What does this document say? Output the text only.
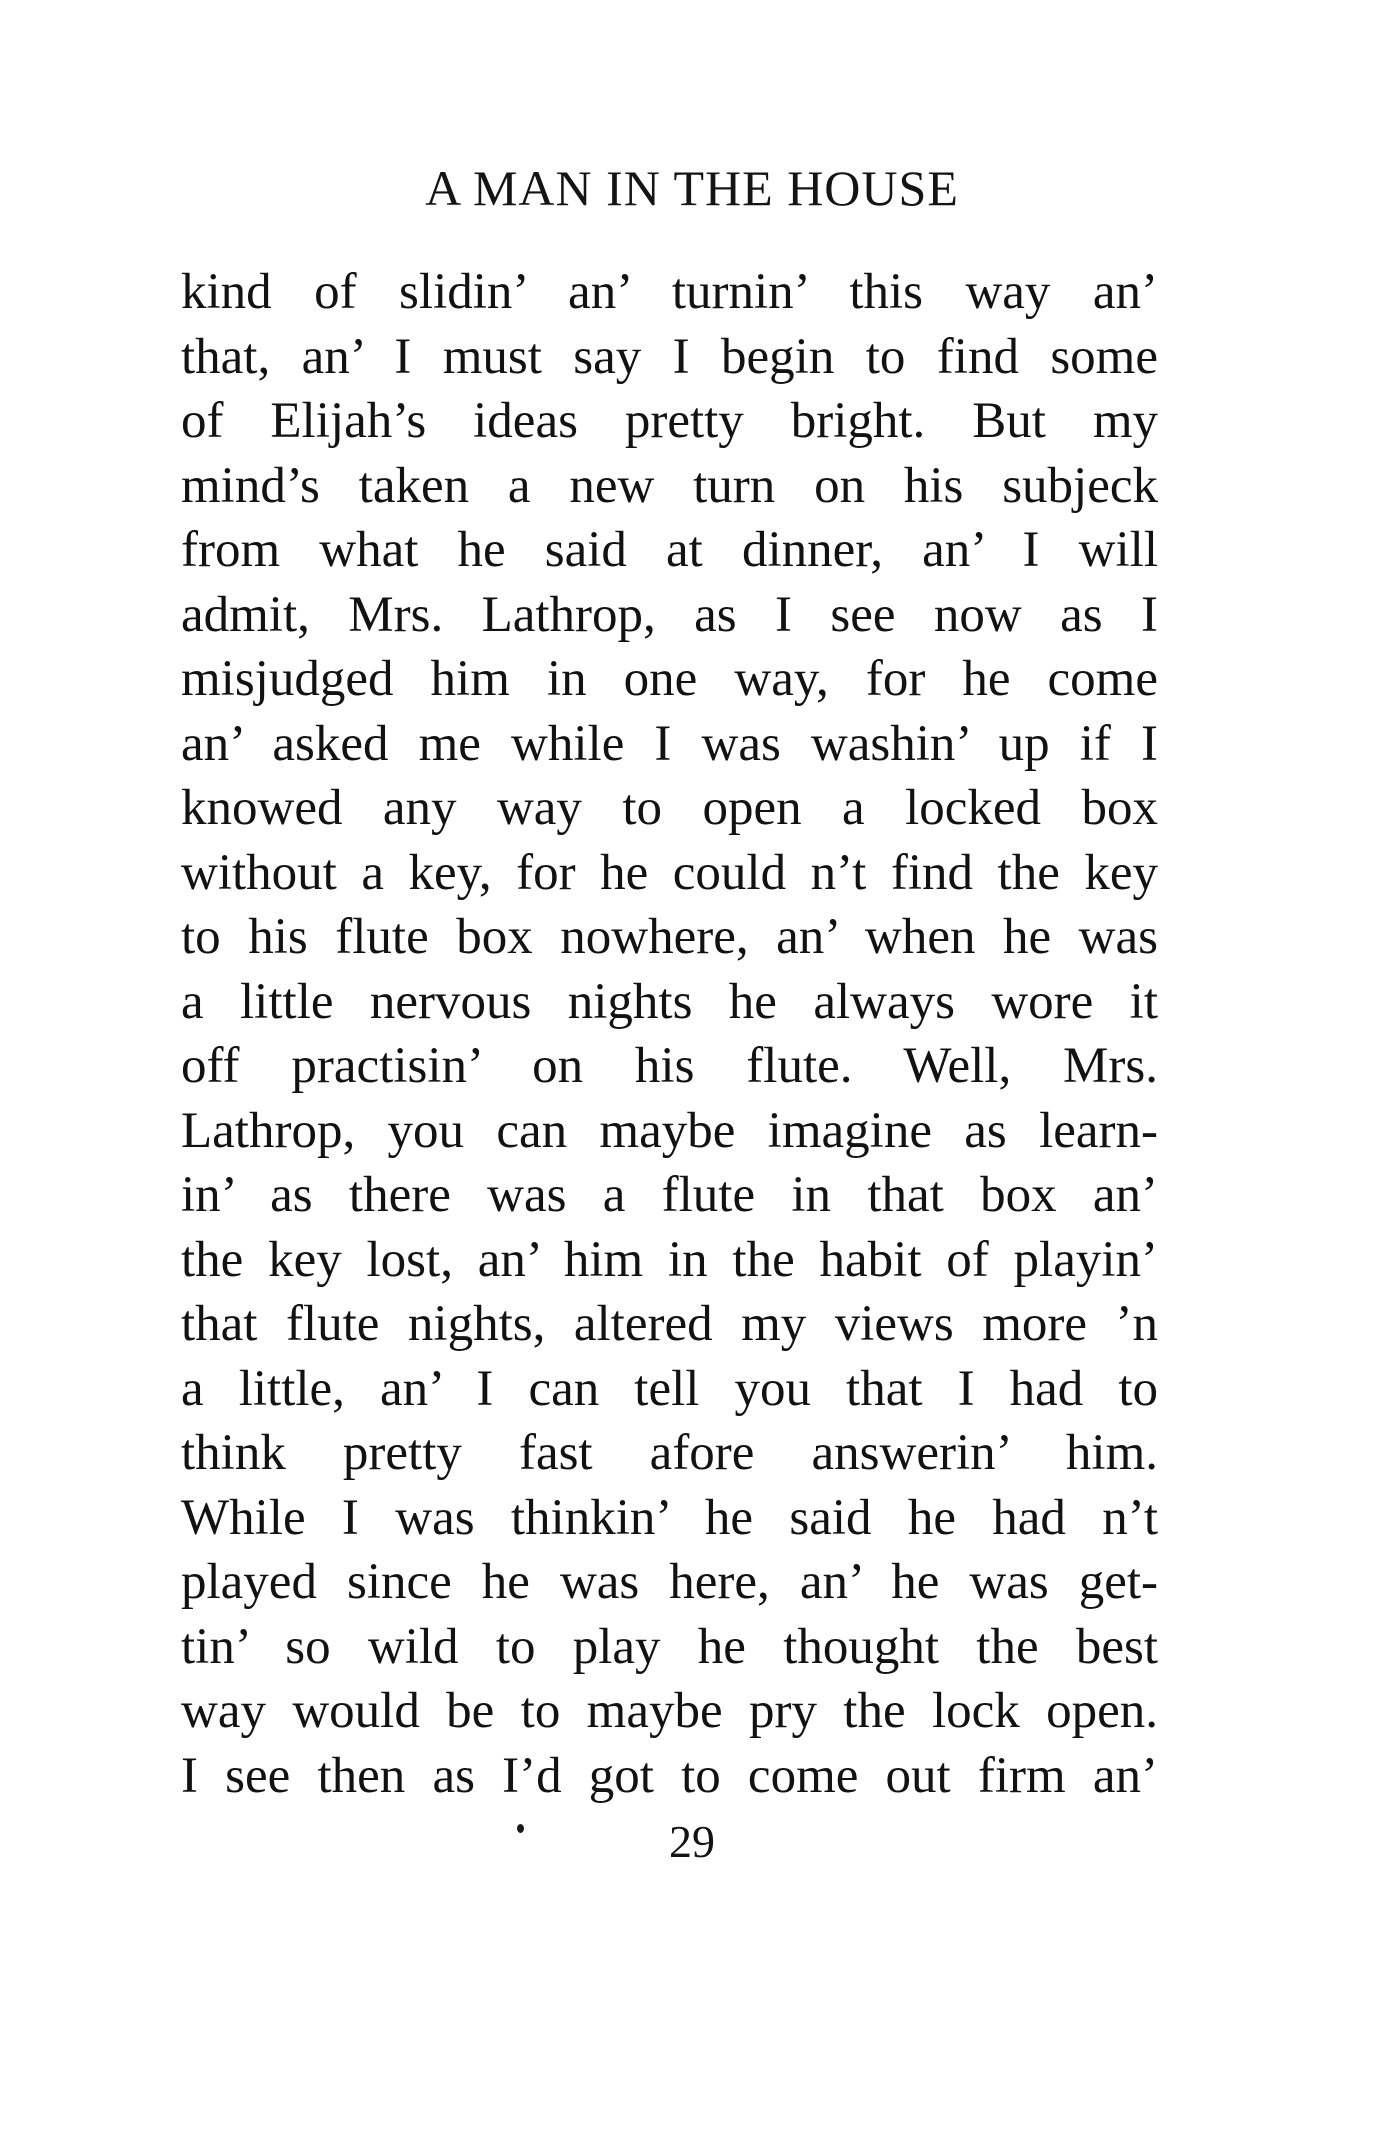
A MAN IN THE HOUSE
kind of slidin’ an’ turnin’ this way an’
that, an’ I must say I begin to find some
of Elijah’s ideas pretty bright. But my
mind’s taken a new turn on his subjeck
from what he said at dinner, an’ I will
admit, Mrs. Lathrop, as I see now as I
misjudged him in one way, for he come
an’ asked me while I was washin’ up if I
knowed any way to open a locked box
without a key, for he could n’t find the key
to his flute box nowhere, an’ when he was
a little nervous nights he always wore it
off practisin’ on his flute. Well, Mrs.
Lathrop, you can maybe imagine as learn-
in’ as there was a flute in that box an’
the key lost, an’ him in the habit of playin’
that flute nights, altered my views more ’n
a little, an’ I can tell you that I had to
think pretty fast afore answerin’ him.
While I was thinkin’ he said he had n’t
played since he was here, an’ he was get-
tin’ so wild to play he thought the best
way would be to maybe pry the lock open.
I see then as I’d got to come out firm an’
29
